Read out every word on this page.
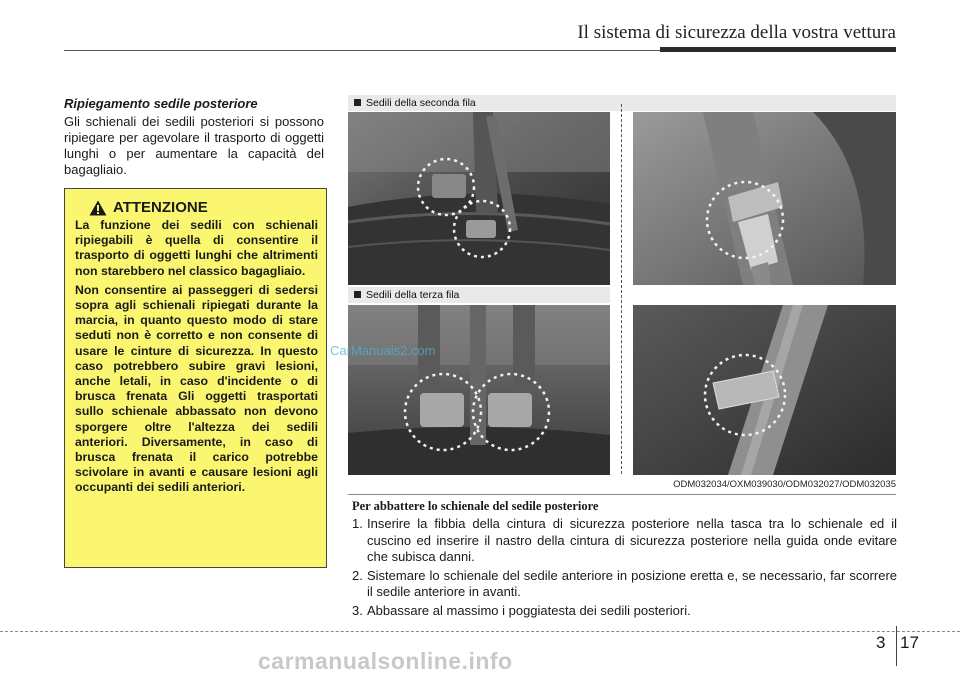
Il sistema di sicurezza della vostra vettura
Ripiegamento sedile posteriore
Gli schienali dei sedili posteriori si possono ripiegare per agevolare il trasporto di oggetti lunghi o per aumentare la capacità del bagagliaio.
ATTENZIONE

La funzione dei sedili con schienali ripiegabili è quella di consentire il trasporto di oggetti lunghi che altrimenti non starebbero nel classico bagagliaio.

Non consentire ai passeggeri di sedersi sopra agli schienali ripiegati durante la marcia, in quanto questo modo di stare seduti non è corretto e non consente di usare le cinture di sicurezza. In questo caso potrebbero subire gravi lesioni, anche letali, in caso d'incidente o di brusca frenata Gli oggetti trasportati sullo schienale abbassato non devono sporgere oltre l'altezza dei sedili anteriori. Diversamente, in caso di brusca frenata il carico potrebbe scivolare in avanti e causare lesioni agli occupanti dei sedili anteriori.

Sedili della seconda fila
Sedili della terza fila
ODM032034/OXM039030/ODM032027/ODM032035
Per abbattere lo schienale del sedile posteriore
1. Inserire la fibbia della cintura di sicurezza posteriore nella tasca tra lo schienale ed il cuscino ed inserire il nastro della cintura di sicurezza posteriore nella guida onde evitare che subisca danni.
2. Sistemare lo schienale del sedile anteriore in posizione eretta e, se necessario, far scorrere il sedile anteriore in avanti.
3. Abbassare al massimo i poggiatesta dei sedili posteriori.
3 17
CarManuals2.com
carmanualsonline.info
